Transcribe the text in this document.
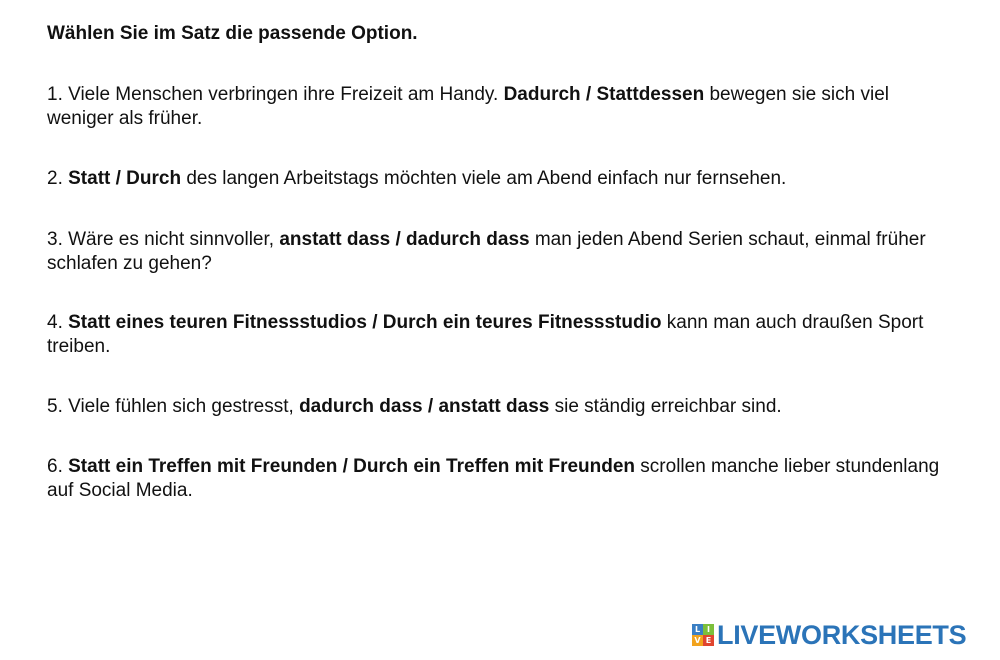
Wählen Sie im Satz die passende Option.

1. Viele Menschen verbringen ihre Freizeit am Handy. Dadurch / Stattdessen bewegen sie sich viel weniger als früher.

2. Statt / Durch des langen Arbeitstags möchten viele am Abend einfach nur fernsehen.

3. Wäre es nicht sinnvoller, anstatt dass / dadurch dass man jeden Abend Serien schaut, einmal früher schlafen zu gehen?

4. Statt eines teuren Fitnessstudios / Durch ein teures Fitnessstudio kann man auch draußen Sport treiben.

5. Viele fühlen sich gestresst, dadurch dass / anstatt dass sie ständig erreichbar sind.

6. Statt ein Treffen mit Freunden / Durch ein Treffen mit Freunden scrollen manche lieber stundenlang auf Social Media.

L I
V E LIVEWORKSHEETS
